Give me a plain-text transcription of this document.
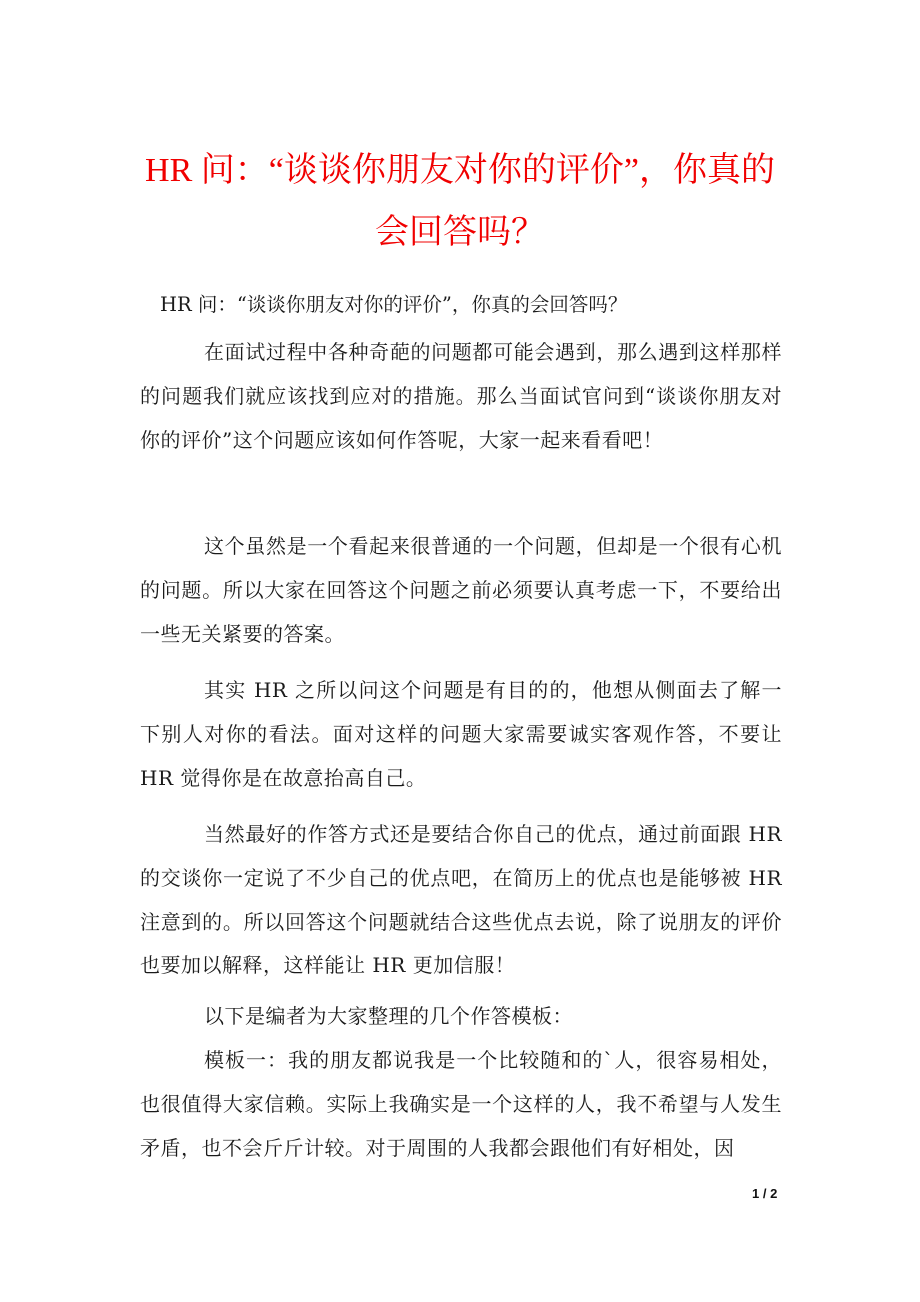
HR 问：“谈谈你朋友对你的评价”，你真的
会回答吗？

HR 问：“谈谈你朋友对你的评价”，你真的会回答吗？

在面试过程中各种奇葩的问题都可能会遇到，那么遇到这样那样的问题我们就应该找到应对的措施。那么当面试官问到“谈谈你朋友对你的评价”这个问题应该如何作答呢，大家一起来看看吧！

这个虽然是一个看起来很普通的一个问题，但却是一个很有心机的问题。所以大家在回答这个问题之前必须要认真考虑一下，不要给出一些无关紧要的答案。

其实 HR 之所以问这个问题是有目的的，他想从侧面去了解一下别人对你的看法。面对这样的问题大家需要诚实客观作答，不要让 HR 觉得你是在故意抬高自己。

当然最好的作答方式还是要结合你自己的优点，通过前面跟 HR 的交谈你一定说了不少自己的优点吧，在简历上的优点也是能够被 HR 注意到的。所以回答这个问题就结合这些优点去说，除了说朋友的评价也要加以解释，这样能让 HR 更加信服！

以下是编者为大家整理的几个作答模板：

模板一：我的朋友都说我是一个比较随和的`人，很容易相处，也很值得大家信赖。实际上我确实是一个这样的人，我不希望与人发生矛盾，也不会斤斤计较。对于周围的人我都会跟他们有好相处，因

1 / 2
